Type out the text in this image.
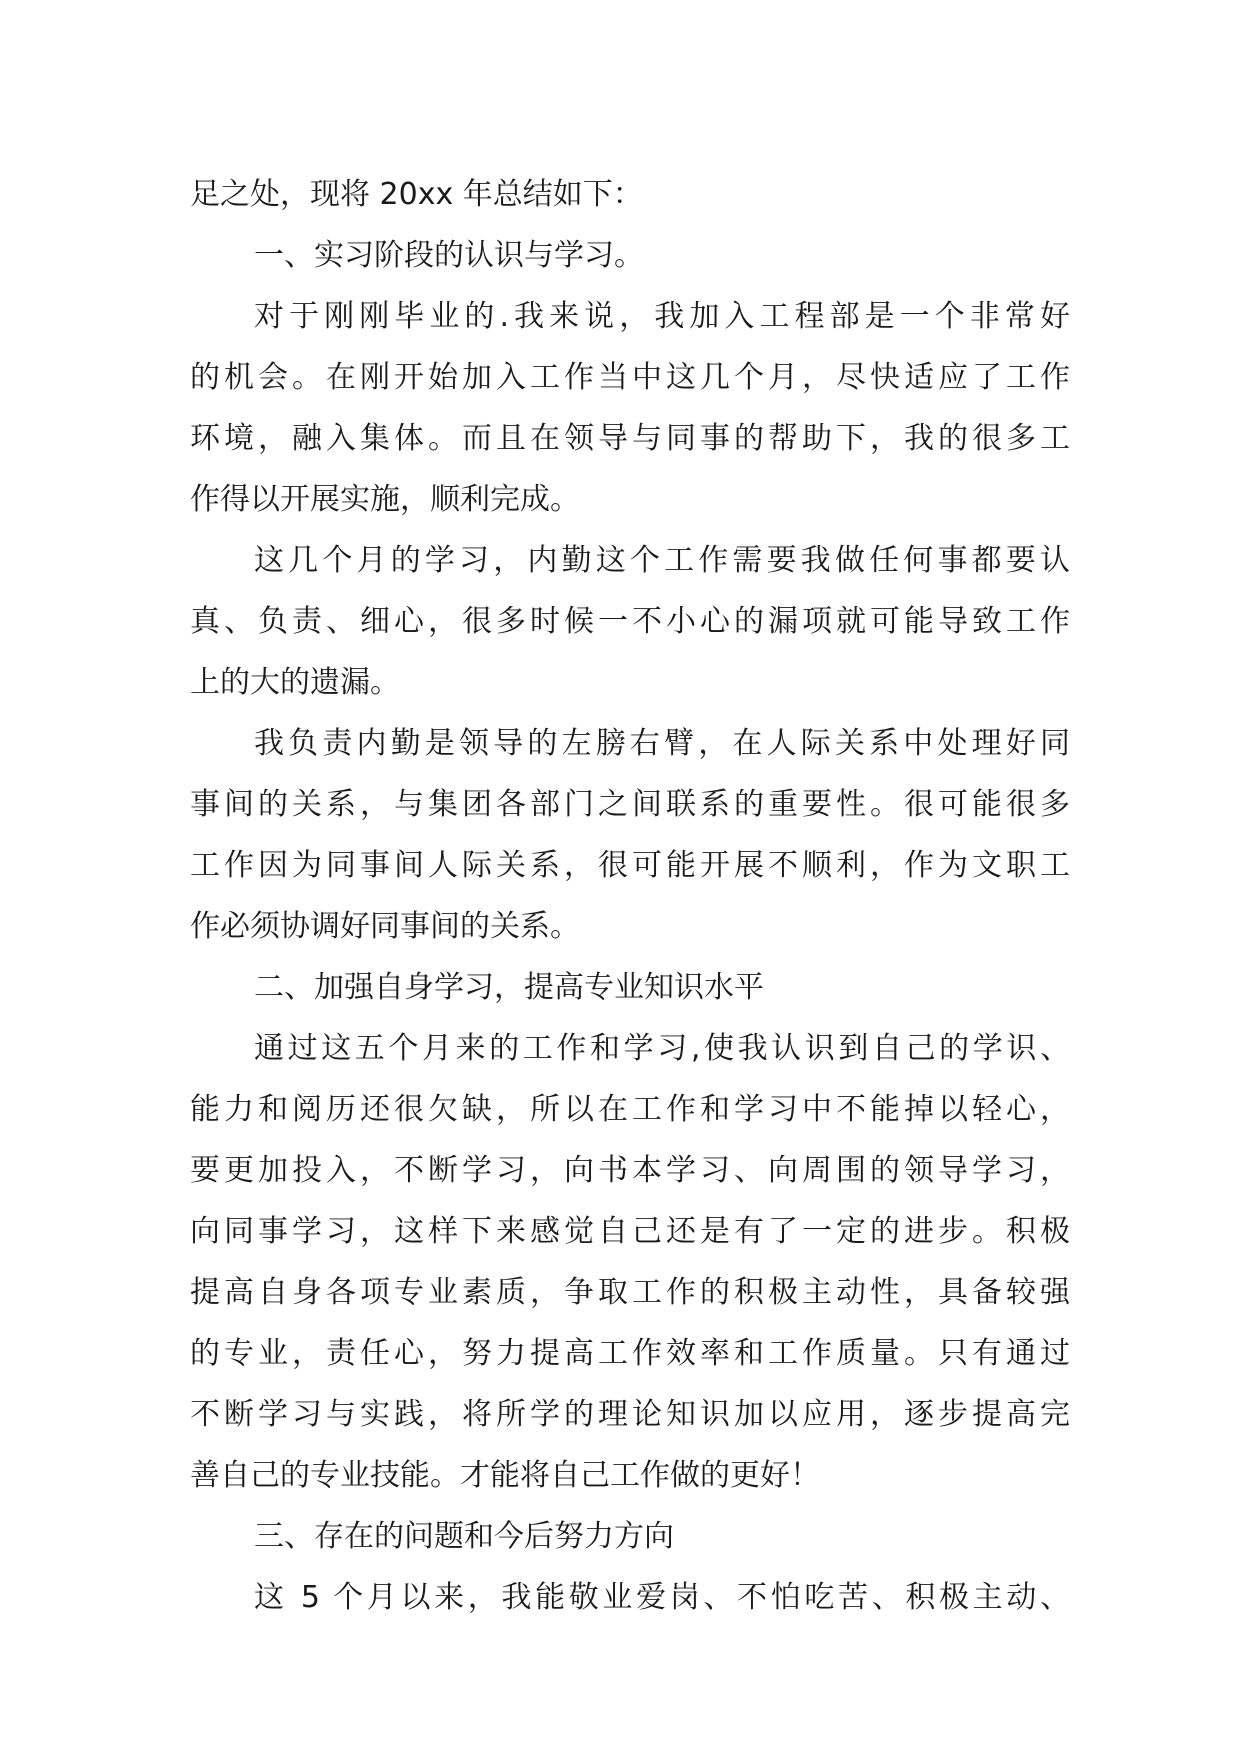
足之处，现将 20xx 年总结如下：
一、实习阶段的认识与学习。
对于刚刚毕业的.我来说，我加入工程部是一个非常好
的机会。在刚开始加入工作当中这几个月，尽快适应了工作
环境，融入集体。而且在领导与同事的帮助下，我的很多工
作得以开展实施，顺利完成。
这几个月的学习，内勤这个工作需要我做任何事都要认
真、负责、细心，很多时候一不小心的漏项就可能导致工作
上的大的遗漏。
我负责内勤是领导的左膀右臂，在人际关系中处理好同
事间的关系，与集团各部门之间联系的重要性。很可能很多
工作因为同事间人际关系，很可能开展不顺利，作为文职工
作必须协调好同事间的关系。
二、加强自身学习，提高专业知识水平
通过这五个月来的工作和学习,使我认识到自己的学识、
能力和阅历还很欠缺，所以在工作和学习中不能掉以轻心，
要更加投入，不断学习，向书本学习、向周围的领导学习，
向同事学习，这样下来感觉自己还是有了一定的进步。积极
提高自身各项专业素质，争取工作的积极主动性，具备较强
的专业，责任心，努力提高工作效率和工作质量。只有通过
不断学习与实践，将所学的理论知识加以应用，逐步提高完
善自己的专业技能。才能将自己工作做的更好！
三、存在的问题和今后努力方向
这 5 个月以来，我能敬业爱岗、不怕吃苦、积极主动、
